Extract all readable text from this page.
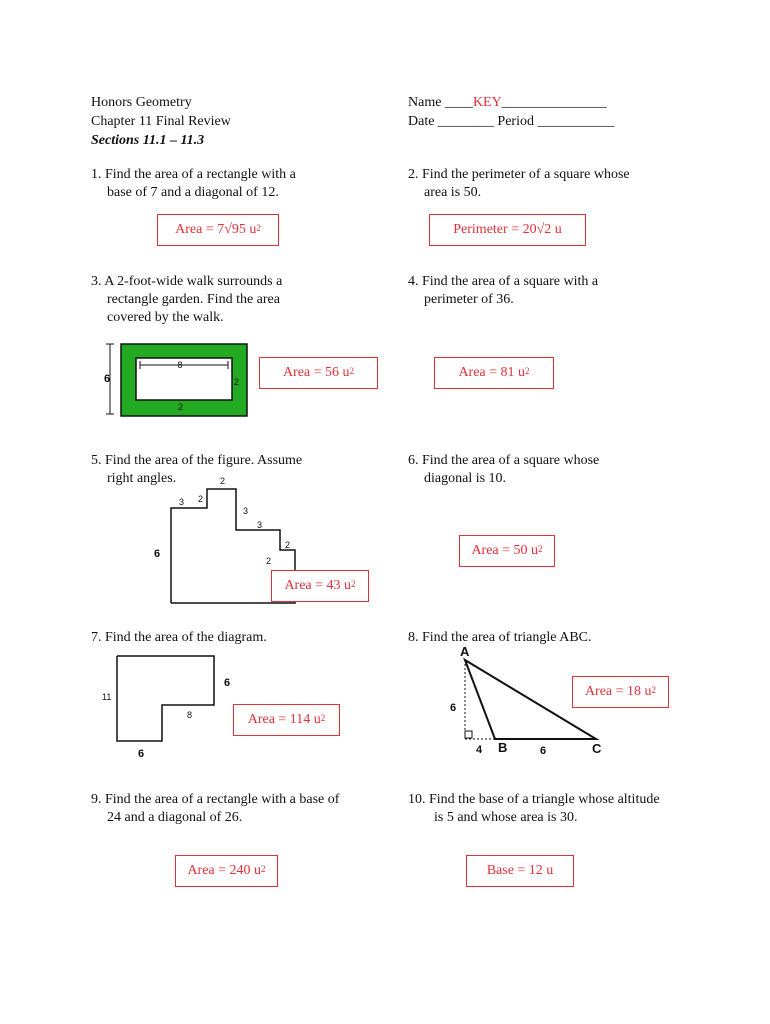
Honors Geometry
Chapter 11 Final Review
Sections 11.1 – 11.3
Name ____KEY_______________
Date ________ Period ___________
1. Find the area of a rectangle with a
base of 7 and a diagonal of 12.
Area = 7√95 $u^2$
2. Find the perimeter of a square whose
area is 50.
Perimeter = 20√2 u
3. A 2-foot-wide walk surrounds a
rectangle garden. Find the area
covered by the walk.
8
6	2
2
Area = 56 $u^2$
4. Find the area of a square with a
perimeter of 36.
Area = 81 $u^2$
5. Find the area of the figure. Assume
right angles.
3 2
2
3
3
2
2
6
Area = 43 $u^2$
6. Find the area of a square whose
diagonal is 10.
Area = 50 $u^2$
7. Find the area of the diagram.
11
6
8
6
Area = 114 $u^2$
8. Find the area of triangle ABC.
A
B	C
6
4	6
Area = 18 $u^2$
9. Find the area of a rectangle with a base of
24 and a diagonal of 26.
Area = 240 $u^2$
10. Find the base of a triangle whose altitude
is 5 and whose area is 30.
Base = 12 u
